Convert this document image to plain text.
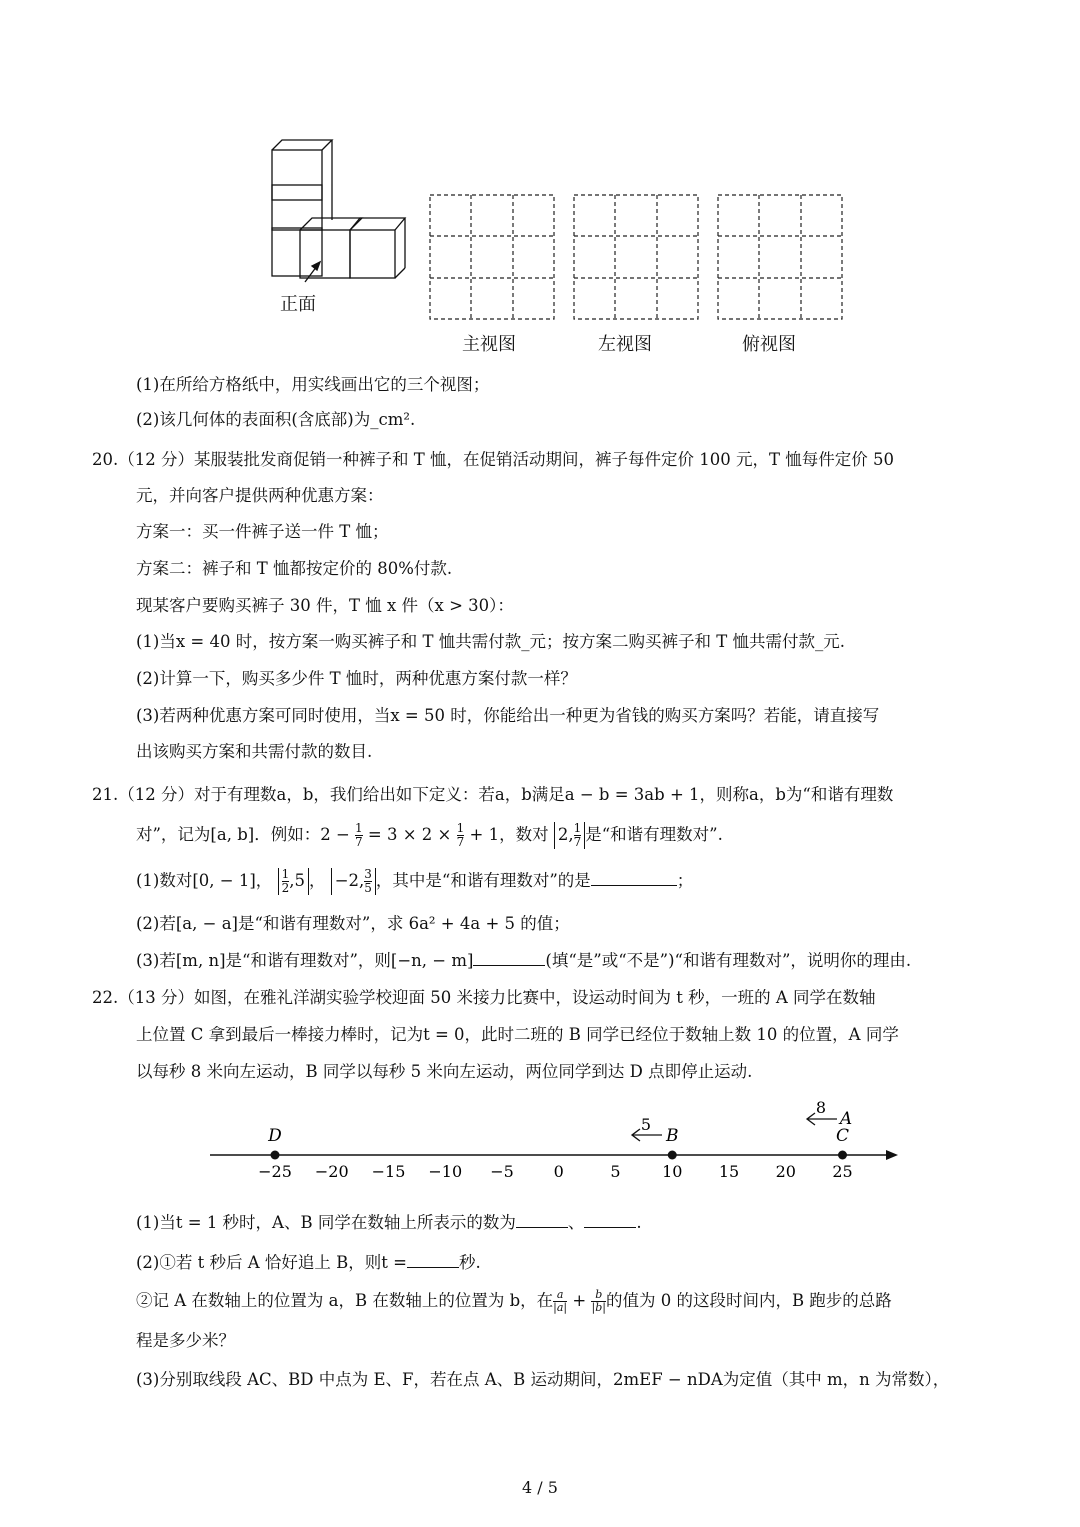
正面
主视图	左视图	俯视图
(1)在所给方格纸中，用实线画出它的三个视图；
(2)该几何体的表面积(含底部)为_cm².
20.（12 分）某服装批发商促销一种裤子和 T 恤，在促销活动期间，裤子每件定价 100 元，T 恤每件定价 50
元，并向客户提供两种优惠方案：
方案一：买一件裤子送一件 T 恤；
方案二：裤子和 T 恤都按定价的 80%付款.
现某客户要购买裤子 30 件，T 恤 x 件（x > 30）：
(1)当x = 40 时，按方案一购买裤子和 T 恤共需付款_元；按方案二购买裤子和 T 恤共需付款_元.
(2)计算一下，购买多少件 T 恤时，两种优惠方案付款一样？
(3)若两种优惠方案可同时使用，当x = 50 时，你能给出一种更为省钱的购买方案吗？若能，请直接写
出该购买方案和共需付款的数目.
21.（12 分）对于有理数a，b，我们给出如下定义：若a，b满足a − b = 3ab + 1，则称a，b为“和谐有理数
对”，记为[a, b]．例如：$2 - \frac{1}{7} = 3 \times 2 \times \frac{1}{7} + 1$，数对 2, $\frac{1}{7}$ 是“和谐有理数对”.
(1)数对[0, − 1]， $\frac{1}{2} ,5$ ， −2, $\frac{3}{5}$ ，其中是“和谐有理数对”的是	；
(2)若[a, − a]是“和谐有理数对”，求 6a² + 4a + 5 的值；
(3)若[m, n]是“和谐有理数对”，则[−n, − m]	(填“是”或“不是”)“和谐有理数对”，说明你的理由.
22.（13 分）如图，在雅礼洋湖实验学校迎面 50 米接力比赛中，设运动时间为 t 秒，一班的 A 同学在数轴
上位置 C 拿到最后一棒接力棒时，记为t = 0，此时二班的 B 同学已经位于数轴上数 10 的位置，A 同学
以每秒 8 米向左运动，B 同学以每秒 5 米向左运动，两位同学到达 D 点即停止运动.
−25 −20 −15 −10 −5 0	5	10 15 20 25
D	B	C
5
8
A
(1)当t = 1 秒时，A、B 同学在数轴上所表示的数为	、	.
(2)①若 t 秒后 A 恰好追上 B，则t =	秒.
②记 A 在数轴上的位置为 a，B 在数轴上的位置为 b，在 $\frac{a}{|a|} + \frac{b}{|b|}$ 的值为 0 的这段时间内，B 跑步的总路
程是多少米？
(3)分别取线段 AC、BD 中点为 E、F，若在点 A、B 运动期间，2mEF − nDA为定值（其中 m，n 为常数），
4 / 5
